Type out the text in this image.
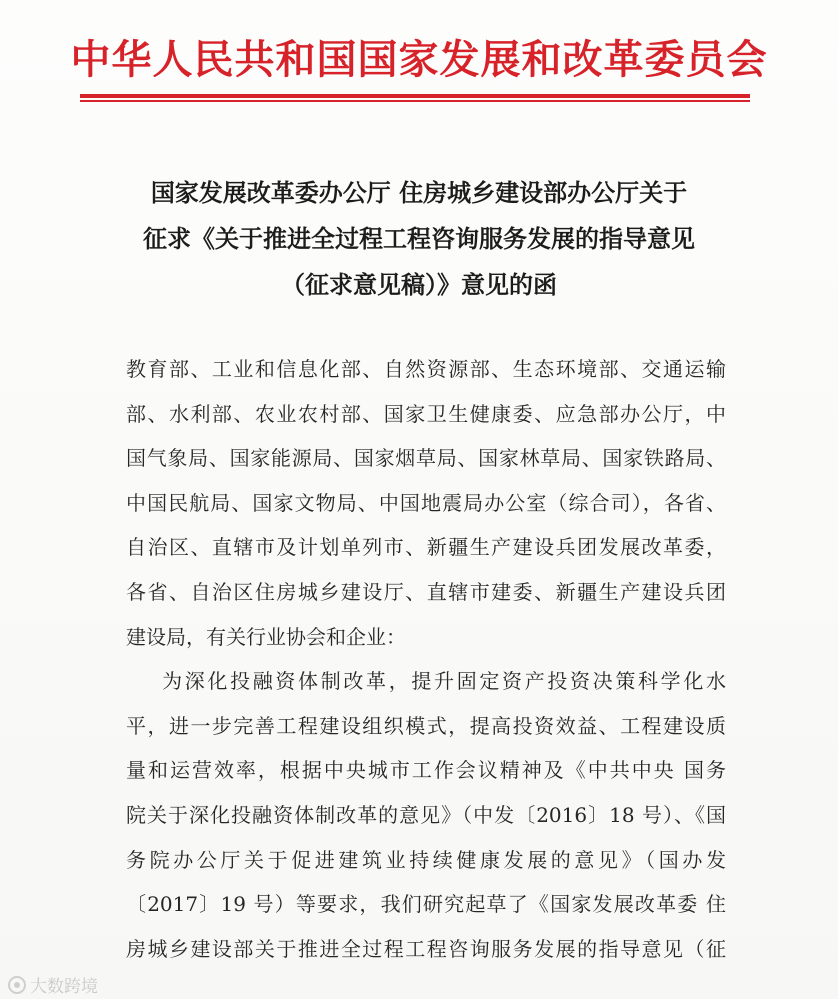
中华人民共和国国家发展和改革委员会
国家发展改革委办公厅 住房城乡建设部办公厅关于
征求《关于推进全过程工程咨询服务发展的指导意见
（征求意见稿）》意见的函
教育部、工业和信息化部、自然资源部、生态环境部、交通运输
部、水利部、农业农村部、国家卫生健康委、应急部办公厅，中
国气象局、国家能源局、国家烟草局、国家林草局、国家铁路局、
中国民航局、国家文物局、中国地震局办公室（综合司），各省、
自治区、直辖市及计划单列市、新疆生产建设兵团发展改革委，
各省、自治区住房城乡建设厅、直辖市建委、新疆生产建设兵团
建设局，有关行业协会和企业：
为深化投融资体制改革，提升固定资产投资决策科学化水
平，进一步完善工程建设组织模式，提高投资效益、工程建设质
量和运营效率，根据中央城市工作会议精神及《中共中央 国务
院关于深化投融资体制改革的意见》（中发〔2016〕18 号）、《国
务院办公厅关于促进建筑业持续健康发展的意见》（国办发
〔2017〕19 号）等要求，我们研究起草了《国家发展改革委 住
房城乡建设部关于推进全过程工程咨询服务发展的指导意见（征
大数跨境
